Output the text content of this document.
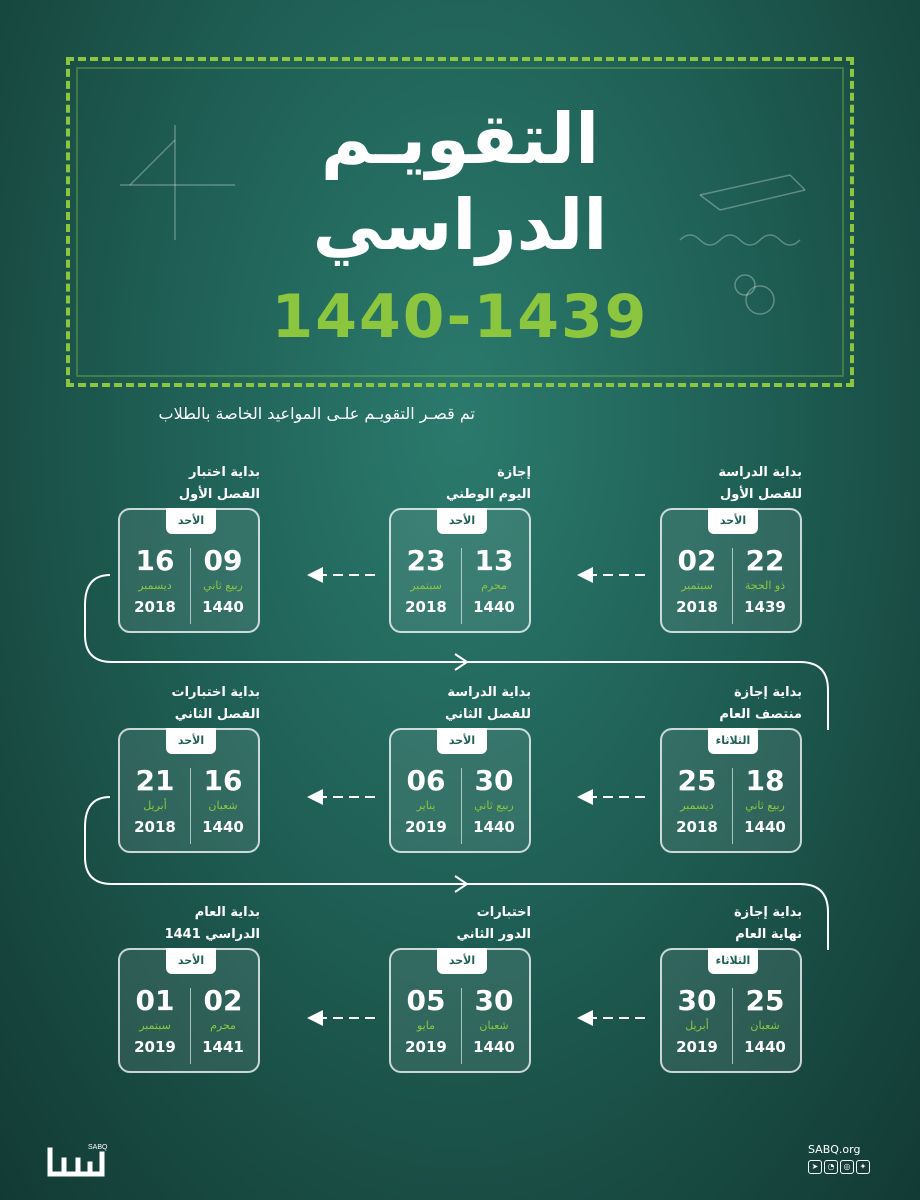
التقويـم
الدراسي
1440-1439
تم قصـر التقويـم علـى المواعيد الخاصة بالطلاب
بداية الدراسة
للفصل الأول
الأحد
22
ذو الحجة
1439
02
سبتمبر
2018
إجازة
اليوم الوطني
الأحد
13
محرم
1440
23
سبتمبر
2018
بداية اختبار
الفصل الأول
الأحد
09
ربيع ثاني
1440
16
ديسمبر
2018
بداية إجازة
منتصف العام
الثلاثاء
18
ربيع ثاني
1440
25
ديسمبر
2018
بداية الدراسة
للفصل الثاني
الأحد
30
ربيع ثاني
1440
06
يناير
2019
بداية اختبارات
الفصل الثاني
الأحد
16
شعبان
1440
21
أبريل
2018
بداية إجازة
نهاية العام
الثلاثاء
25
شعبان
1440
30
أبريل
2019
اختبارات
الدور الثاني
الأحد
30
شعبان
1440
05
مايو
2019
بداية العام
الدراسي 1441
الأحد
02
محرم
1441
01
سبتمبر
2019
SABQ	SABQ.org
➤	◔	◎	✦
